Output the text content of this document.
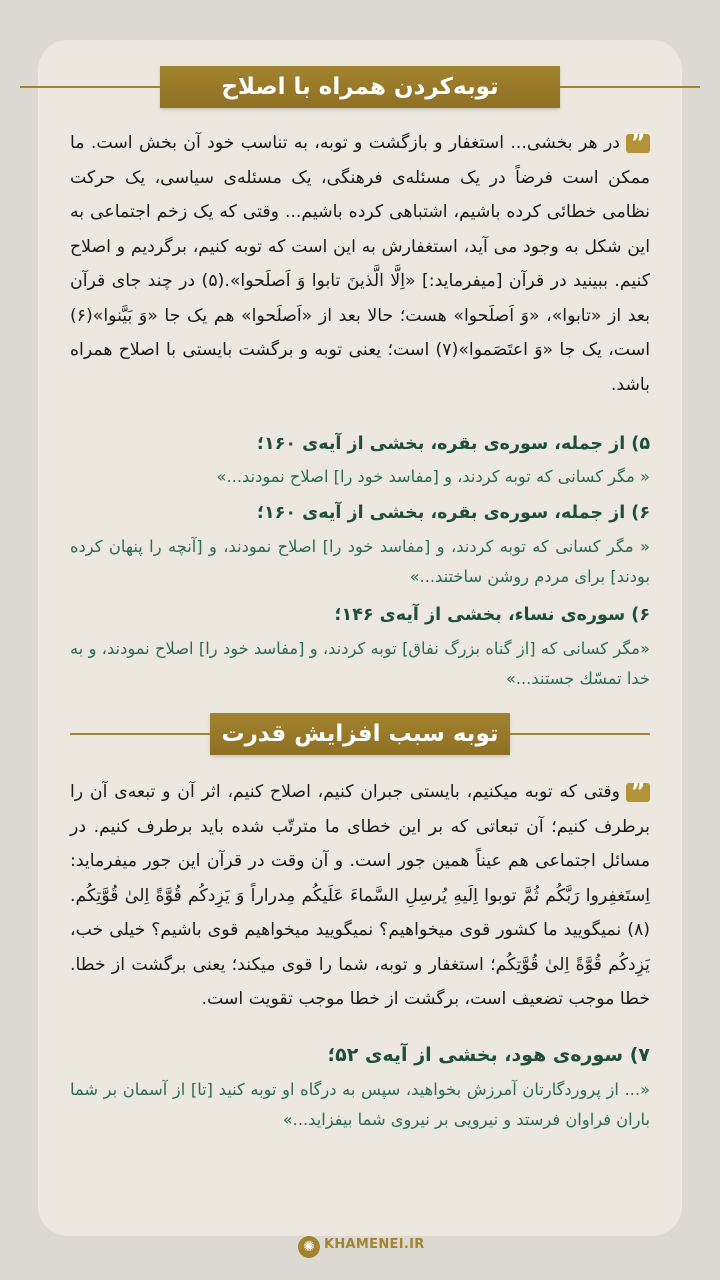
توبه‌کردن همراه با اصلاح
”در هر بخشی... استغفار و بازگشت و توبه، به تناسب خود آن بخش است. ما ممکن است فرضاً در یک مسئله‌ی فرهنگی، یک مسئله‌ی سیاسی، یک حرکت نظامی خطائی کرده باشیم، اشتباهی کرده باشیم... وقتی که یک زخم اجتماعی به این شکل به وجود می آید، استغفارش به این است که توبه کنیم، برگردیم و اصلاح کنیم. ببینید در قرآن [میفرماید:] «اِلَّا الَّذینَ تابوا وَ اَصلَحوا».(۵) در چند جای قرآن بعد از «تابوا»، «وَ اَصلَحوا» هست؛ حالا بعد از «اَصلَحوا» هم یک جا «وَ بَیَّنوا»(۶) است، یک جا «وَ اعتَصَموا»(۷) است؛ یعنی توبه و برگشت بایستی با اصلاح همراه باشد.
۵) از جمله، سوره‌ی بقره، بخشی از آیه‌ی ۱۶۰؛
« مگر کسانی که توبه کردند، و [مفاسد خود را] اصلاح نمودند...»
۶) از جمله، سوره‌ی بقره، بخشی از آیه‌ی ۱۶۰؛
« مگر کسانی که توبه کردند، و [مفاسد خود را] اصلاح نمودند، و [آنچه را پنهان کرده بودند] برای مردم روشن ساختند...»
۶) سوره‌ی نساء، بخشی از آیه‌ی ۱۴۶؛
«مگر کسانی که [از گناه بزرگ نفاق] توبه کردند، و [مفاسد خود را] اصلاح نمودند، و به خدا تمسّك جستند...»
توبه سبب افزایش قدرت
”وقتی که توبه میکنیم، بایستی جبران کنیم، اصلاح کنیم، اثر آن و تبعه‌ی آن را برطرف کنیم؛ آن تبعاتی که بر این خطای ما مترتّب شده باید برطرف کنیم. در مسائل اجتماعی هم عیناً همین جور است. و آن وقت در قرآن این جور میفرماید: اِستَغفِروا رَبَّکُم ثُمَّ توبوا اِلَیهِ یُرسِلِ السَّماءَ عَلَیکُم مِدراراً وَ یَزِدکُم قُوَّةً اِلیٰ قُوَّتِکُم.(۸) نمیگویید ما کشور قوی میخواهیم؟ نمیگویید میخواهیم قوی باشیم؟ خیلی خب، یَزِدکُم قُوَّةً اِلیٰ قُوَّتِکُم؛ استغفار و توبه، شما را قوی میکند؛ یعنی برگشت از خطا. خطا موجب تضعیف است، برگشت از خطا موجب تقویت است.
۷) سوره‌ی هود، بخشی از آیه‌ی ۵۲؛
«... از پروردگارتان آمرزش بخواهید، سپس به درگاه او توبه کنید [تا] از آسمان بر شما باران فراوان فرستد و نیرویی بر نیروی شما بیفزاید...»
✺ KHAMENEI.IR
